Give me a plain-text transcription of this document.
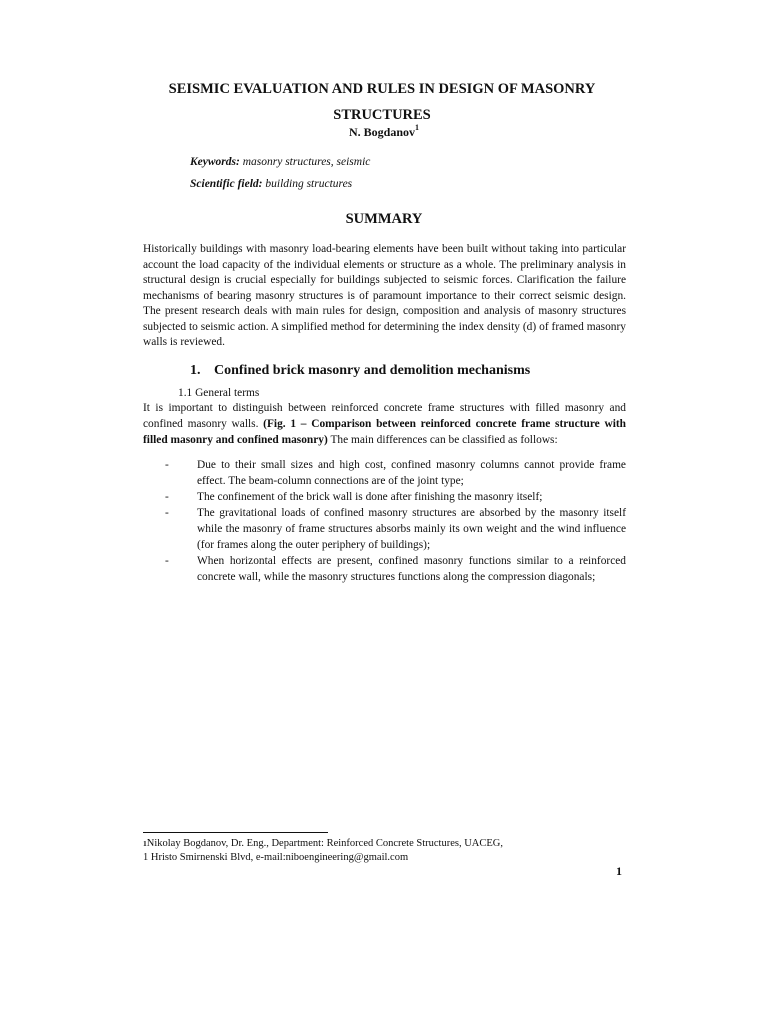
SEISMIC EVALUATION AND RULES IN DESIGN OF MASONRY STRUCTURES
N. Bogdanov$^1$
Keywords: masonry structures, seismic
Scientific field: building structures
SUMMARY

Historically buildings with masonry load-bearing elements have been built without taking into particular account the load capacity of the individual elements or structure as a whole. The preliminary analysis in structural design is crucial especially for buildings subjected to seismic forces. Clarification the failure mechanisms of bearing masonry structures is of paramount importance to their correct seismic design. The present research deals with main rules for design, composition and analysis of masonry structures subjected to seismic action. A simplified method for determining the index density (d) of framed masonry walls is reviewed.

1. Confined brick masonry and demolition mechanisms
1.1 General terms

It is important to distinguish between reinforced concrete frame structures with filled masonry and confined masonry walls. (Fig. 1 – Comparison between reinforced concrete frame structure with filled masonry and confined masonry) The main differences can be classified as follows:

- Due to their small sizes and high cost, confined masonry columns cannot provide frame effect. The beam-column connections are of the joint type;
- The confinement of the brick wall is done after finishing the masonry itself;
- The gravitational loads of confined masonry structures are absorbed by the masonry itself while the masonry of frame structures absorbs mainly its own weight and the wind influence (for frames along the outer periphery of buildings);
- When horizontal effects are present, confined masonry functions similar to a reinforced concrete wall, while the masonry structures functions along the compression diagonals;
$^1$Nikolay Bogdanov, Dr. Eng., Department: Reinforced Concrete Structures, UACEG,
1 Hristo Smirnenski Blvd, e-mail:niboengineering@gmail.com
1
